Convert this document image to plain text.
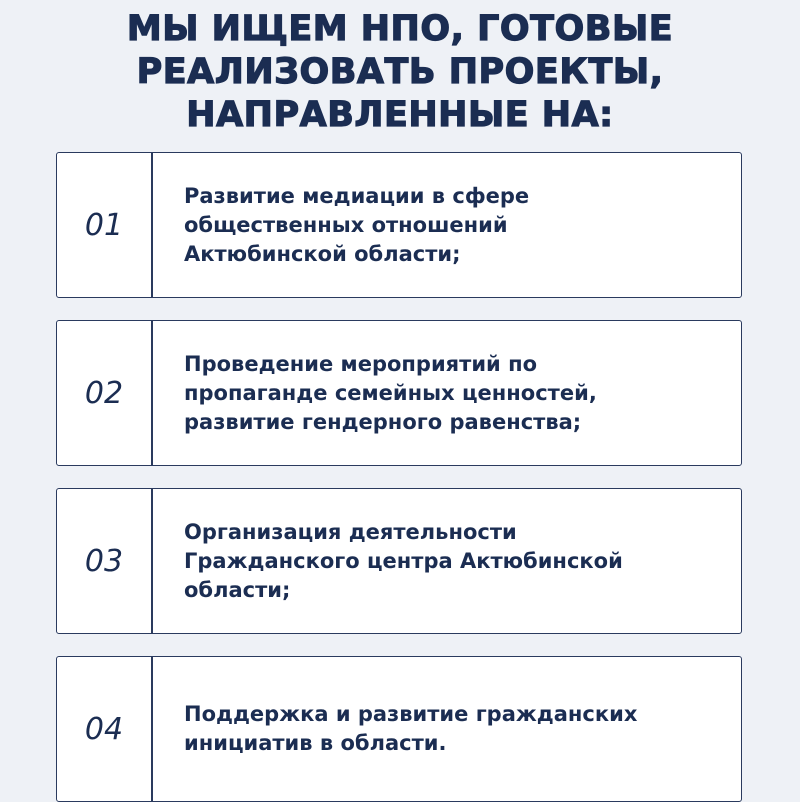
МЫ ИЩЕМ НПО, ГОТОВЫЕ
РЕАЛИЗОВАТЬ ПРОЕКТЫ,
НАПРАВЛЕННЫЕ НА:
01
Развитие медиации в сфере
общественных отношений
Актюбинской области;
02
Проведение мероприятий по
пропаганде семейных ценностей,
развитие гендерного равенства;
03
Организация деятельности
Гражданского центра Актюбинской
области;
04	Поддержка и развитие гражданских
инициатив в области.
